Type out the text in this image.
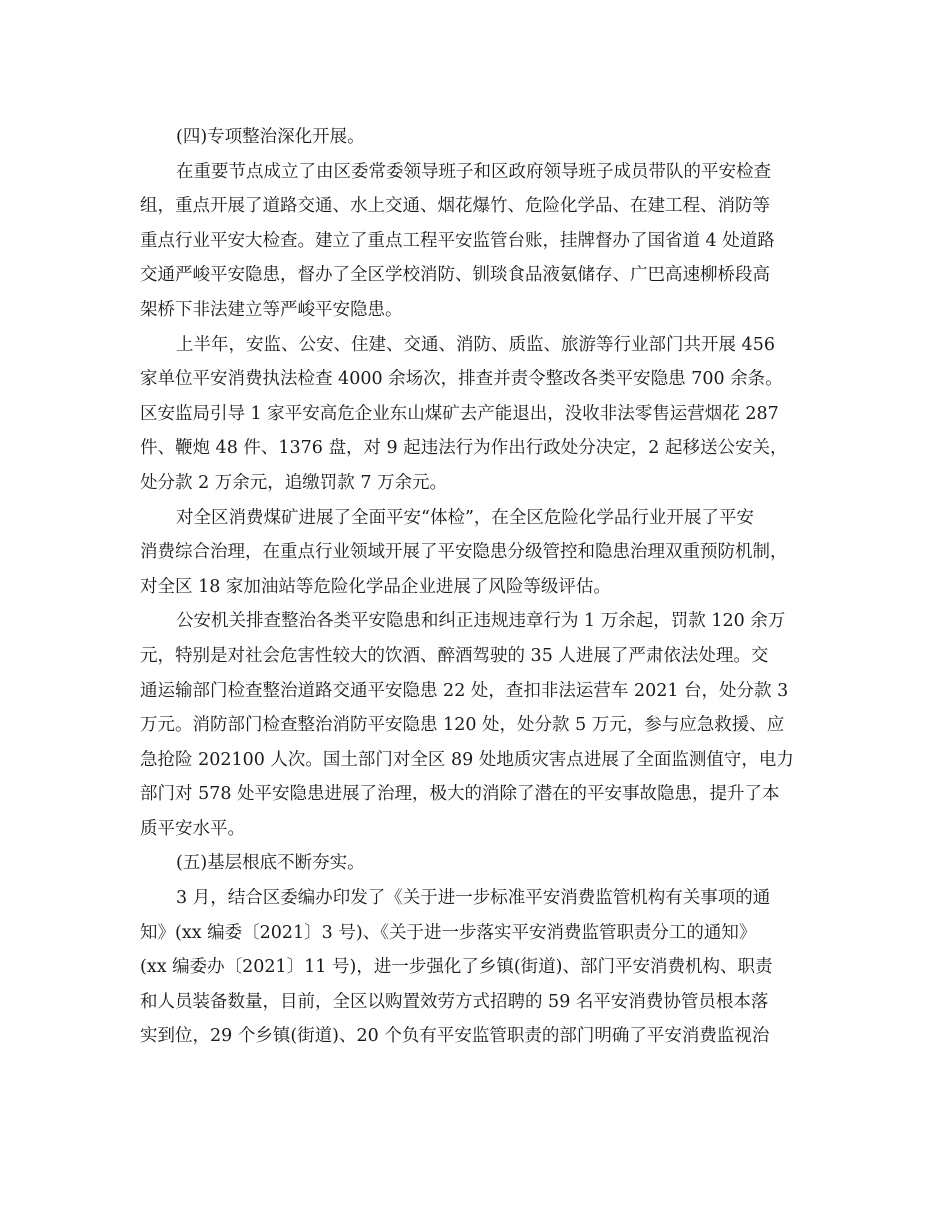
(四)专项整治深化开展。
在重要节点成立了由区委常委领导班子和区政府领导班子成员带队的平安检查
组，重点开展了道路交通、水上交通、烟花爆竹、危险化学品、在建工程、消防等
重点行业平安大检查。建立了重点工程平安监管台账，挂牌督办了国省道 4 处道路
交通严峻平安隐患，督办了全区学校消防、钏琰食品液氨储存、广巴高速柳桥段高
架桥下非法建立等严峻平安隐患。
上半年，安监、公安、住建、交通、消防、质监、旅游等行业部门共开展 456
家单位平安消费执法检查 4000 余场次，排查并责令整改各类平安隐患 700 余条。
区安监局引导 1 家平安高危企业东山煤矿去产能退出，没收非法零售运营烟花 287
件、鞭炮 48 件、1376 盘，对 9 起违法行为作出行政处分决定，2 起移送公安关，
处分款 2 万余元，追缴罚款 7 万余元。
对全区消费煤矿进展了全面平安“体检”，在全区危险化学品行业开展了平安
消费综合治理，在重点行业领域开展了平安隐患分级管控和隐患治理双重预防机制，
对全区 18 家加油站等危险化学品企业进展了风险等级评估。
公安机关排查整治各类平安隐患和纠正违规违章行为 1 万余起，罚款 120 余万
元，特别是对社会危害性较大的饮酒、醉酒驾驶的 35 人进展了严肃依法处理。交
通运输部门检查整治道路交通平安隐患 22 处，查扣非法运营车 2021 台，处分款 3
万元。消防部门检查整治消防平安隐患 120 处，处分款 5 万元，参与应急救援、应
急抢险 202100 人次。国土部门对全区 89 处地质灾害点进展了全面监测值守，电力
部门对 578 处平安隐患进展了治理，极大的消除了潜在的平安事故隐患，提升了本
质平安水平。
(五)基层根底不断夯实。
3 月，结合区委编办印发了《关于进一步标准平安消费监管机构有关事项的通
知》(xx 编委〔2021〕3 号)、《关于进一步落实平安消费监管职责分工的通知》
(xx 编委办〔2021〕11 号)，进一步强化了乡镇(街道)、部门平安消费机构、职责
和人员装备数量，目前，全区以购置效劳方式招聘的 59 名平安消费协管员根本落
实到位，29 个乡镇(街道)、20 个负有平安监管职责的部门明确了平安消费监视治
